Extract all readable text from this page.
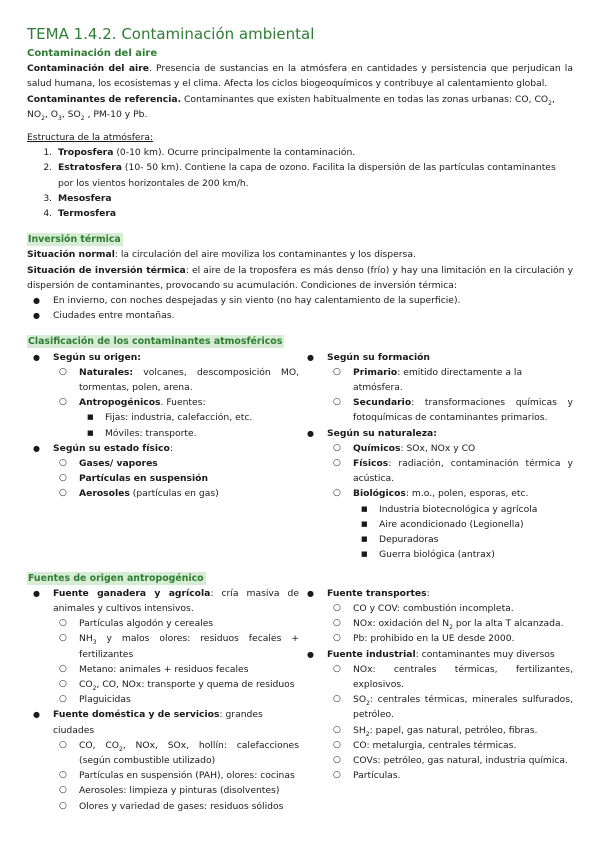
TEMA 1.4.2. Contaminación ambiental
Contaminación del aire

Contaminación del aire. Presencia de sustancias en la atmósfera en cantidades y persistencia que perjudican la salud humana, los ecosistemas y el clima. Afecta los ciclos biogeoquímicos y contribuye al calentamiento global.

Contaminantes de referencia. Contaminantes que existen habitualmente en todas las zonas urbanas: CO, $CO_2$, $NO_2$, $O_3$, $SO_2$ , PM-10 y Pb.

Estructura de la atmósfera:

1. Troposfera (0-10 km). Ocurre principalmente la contaminación.
2. Estratosfera (10- 50 km). Contiene la capa de ozono. Facilita la dispersión de las partículas contaminantes por los vientos horizontales de 200 km/h.
3. Mesosfera
4. Termosfera
Inversión térmica

Situación normal: la circulación del aire moviliza los contaminantes y los dispersa.

Situación de inversión térmica: el aire de la troposfera es más denso (frío) y hay una limitación en la circulación y dispersión de contaminantes, provocando su acumulación. Condiciones de inversión térmica:

● En invierno, con noches despejadas y sin viento (no hay calentamiento de la superficie).
● Ciudades entre montañas.
Clasificación de los contaminantes atmosféricos
● Según su origen:
○ Naturales: volcanes, descomposición MO, tormentas, polen, arena.
○ Antropogénicos. Fuentes:
■ Fijas: industria, calefacción, etc.
■ Móviles: transporte.
● Según su estado físico:
○ Gases/ vapores
○ Partículas en suspensión
○ Aerosoles (partículas en gas)
● Según su formación
○ Primario: emitido directamente a la atmósfera.
○ Secundario: transformaciones químicas y fotoquímicas de contaminantes primarios.
● Según su naturaleza:
○ Químicos: SOx, NOx y CO
○ Físicos: radiación, contaminación térmica y acústica.
○ Biológicos: m.o., polen, esporas, etc.
■ Industria biotecnológica y agrícola
■ Aire acondicionado (Legionella)
■ Depuradoras
■ Guerra biológica (antrax)
Fuentes de origen antropogénico
● Fuente ganadera y agrícola: cría masiva de animales y cultivos intensivos.
○ Partículas algodón y cereales
○ $NH_3$ y malos olores: residuos fecales + fertilizantes
○ Metano: animales + residuos fecales
○ $CO_2$, CO, NOx: transporte y quema de residuos
○ Plaguicidas
● Fuente doméstica y de servicios: grandes ciudades
○ CO, $CO_2$, NOx, SOx, hollín: calefacciones (según combustible utilizado)
○ Partículas en suspensión (PAH), olores: cocinas
○ Aerosoles: limpieza y pinturas (disolventes)
○ Olores y variedad de gases: residuos sólidos
● Fuente transportes:
○ CO y COV: combustión incompleta.
○ NOx: oxidación del $N_2$ por la alta T alcanzada.
○ Pb: prohibido en la UE desde 2000.
● Fuente industrial: contaminantes muy diversos
○ NOx: centrales térmicas, fertilizantes, explosivos.
○ $SO_2$: centrales térmicas, minerales sulfurados, petróleo.
○ $SH_2$: papel, gas natural, petróleo, fibras.
○ CO: metalurgia, centrales térmicas.
○ COVs: petróleo, gas natural, industria química.
○ Partículas.
